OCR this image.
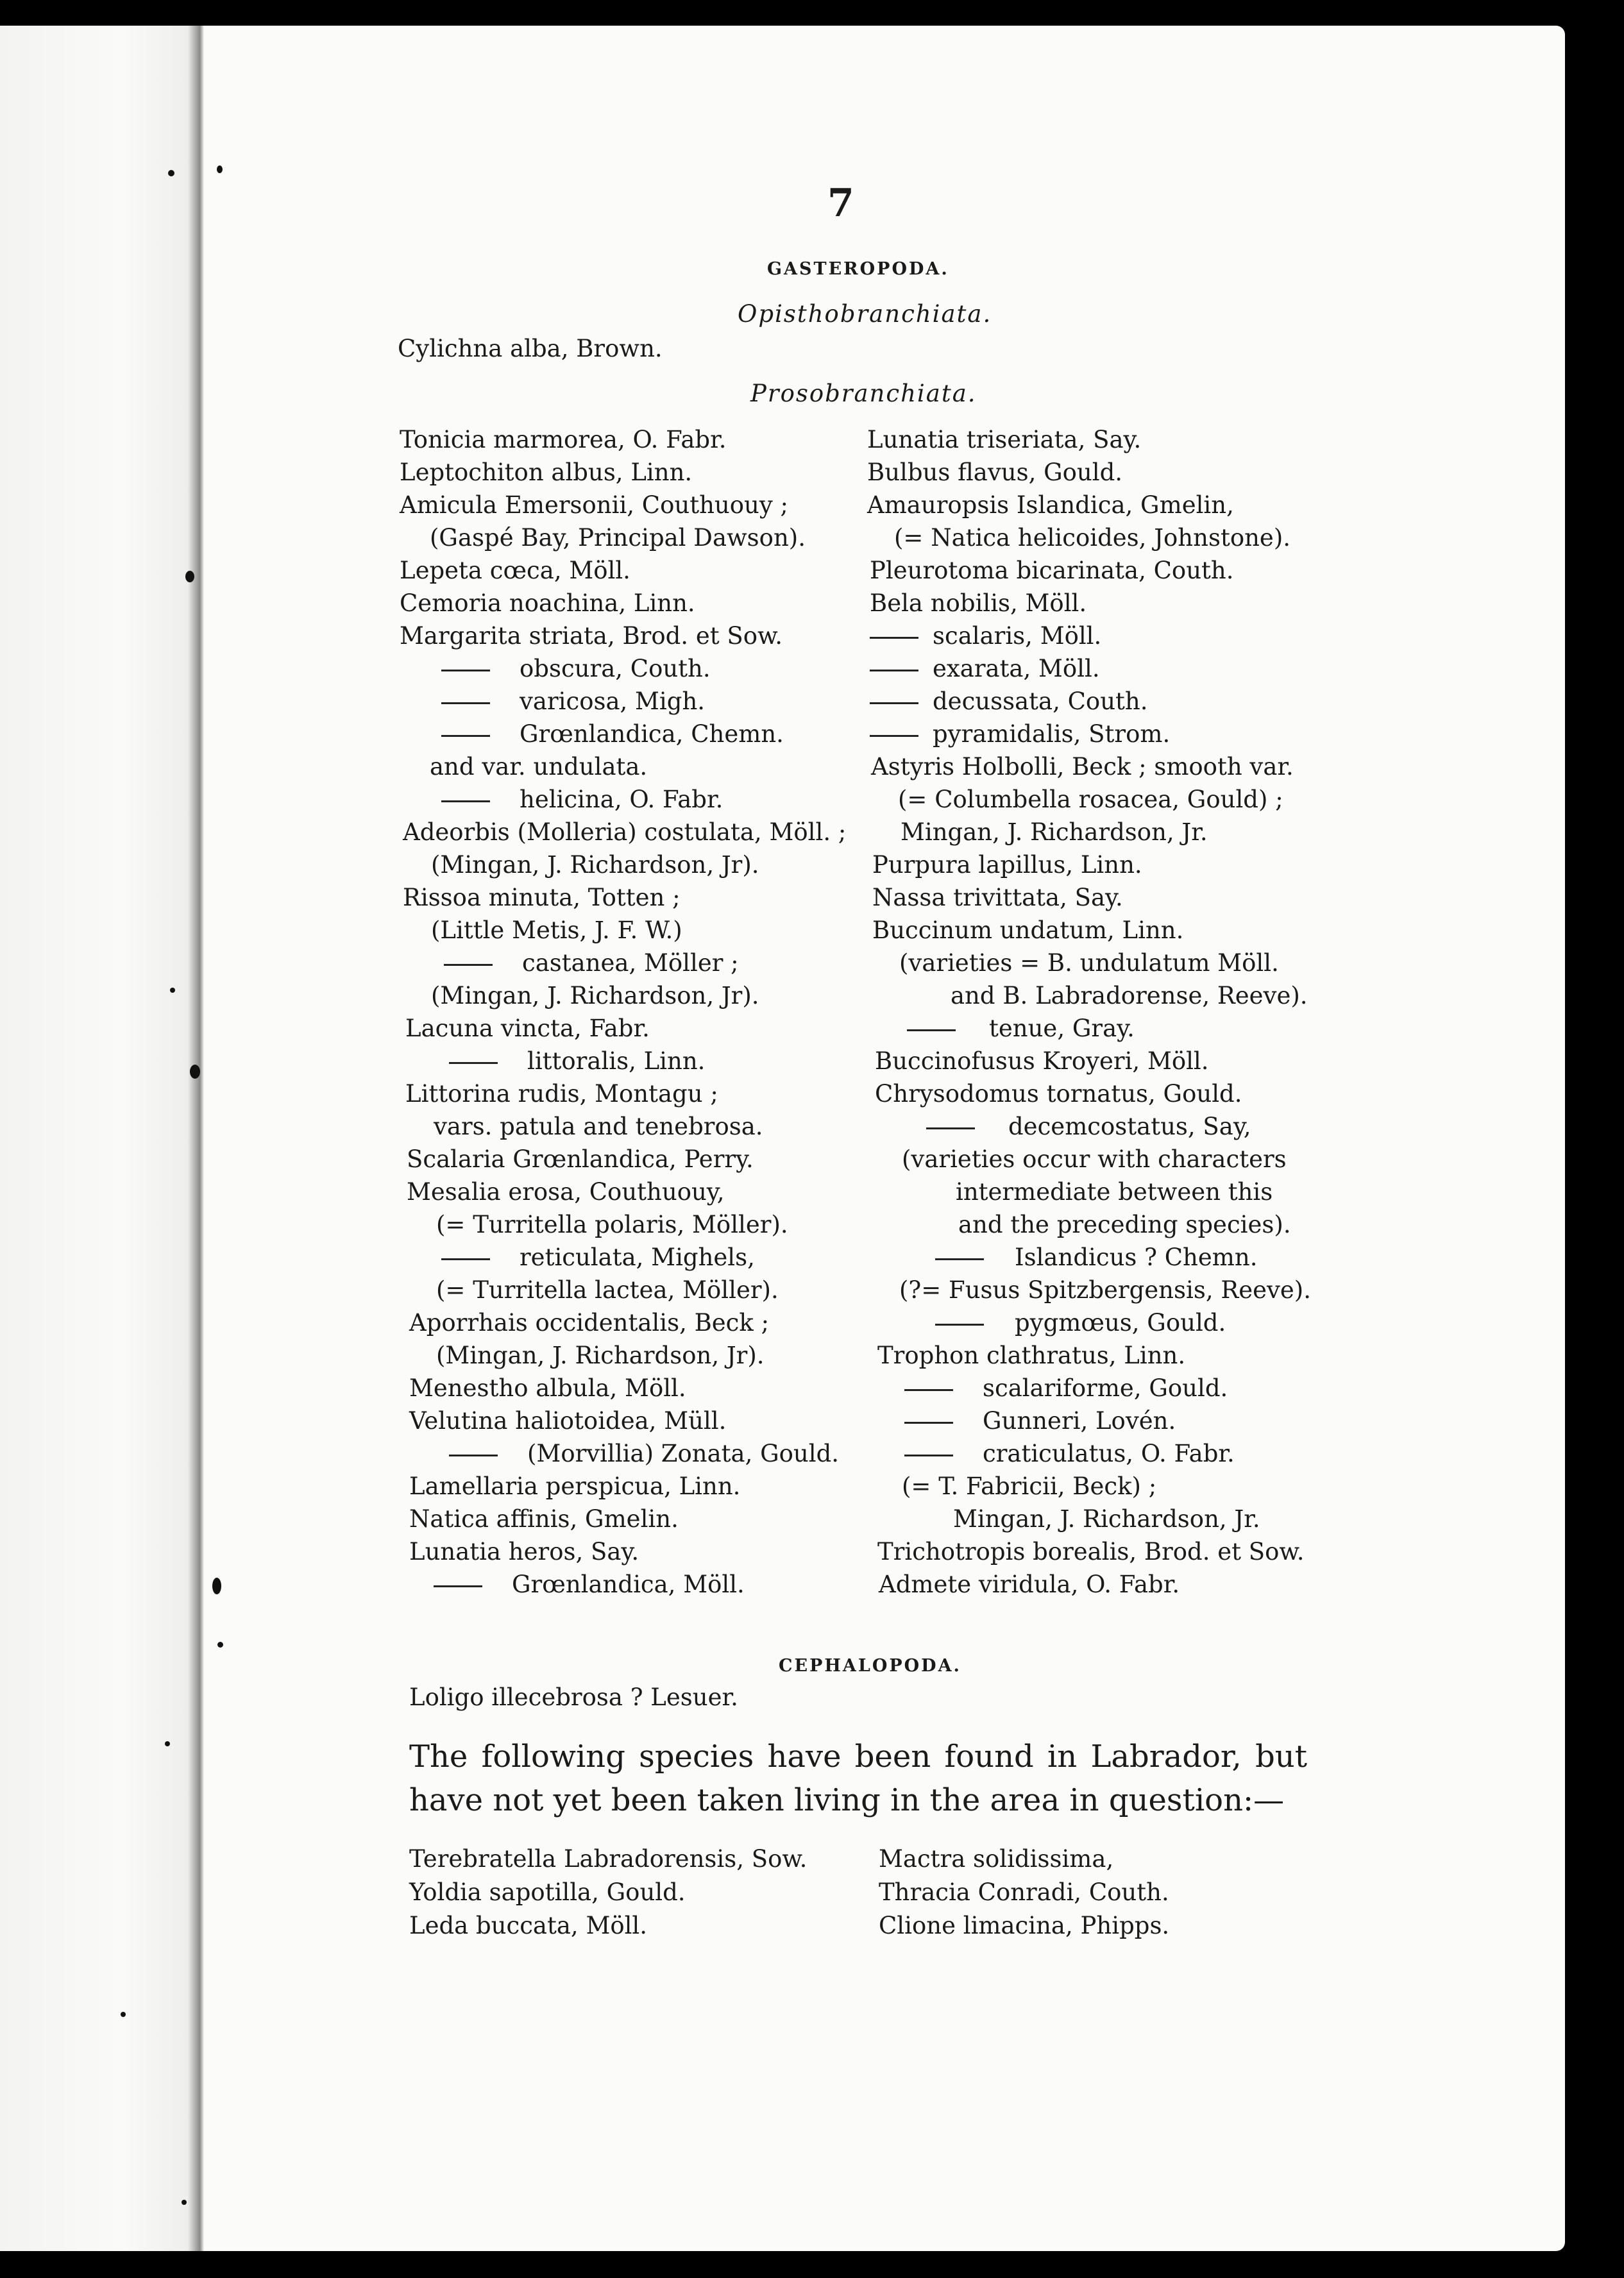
7
GASTEROPODA.
Opisthobranchiata.
Cylichna alba, Brown.
Prosobranchiata.
Tonicia marmorea, O. Fabr.
Leptochiton albus, Linn.
Amicula Emersonii, Couthuouy ;
(Gaspé Bay, Principal Dawson).
Lepeta cœca, Möll.
Cemoria noachina, Linn.
Margarita striata, Brod. et Sow.
obscura, Couth.
varicosa, Migh.
Grœnlandica, Chemn.
and var. undulata.
helicina, O. Fabr.
Adeorbis (Molleria) costulata, Möll. ;
(Mingan, J. Richardson, Jr).
Rissoa minuta, Totten ;
(Little Metis, J. F. W.)
castanea, Möller ;
(Mingan, J. Richardson, Jr).
Lacuna vincta, Fabr.
littoralis, Linn.
Littorina rudis, Montagu ;
vars. patula and tenebrosa.
Scalaria Grœnlandica, Perry.
Mesalia erosa, Couthuouy,
(= Turritella polaris, Möller).
reticulata, Mighels,
(= Turritella lactea, Möller).
Aporrhais occidentalis, Beck ;
(Mingan, J. Richardson, Jr).
Menestho albula, Möll.
Velutina haliotoidea, Müll.
(Morvillia) Zonata, Gould.
Lamellaria perspicua, Linn.
Natica affinis, Gmelin.
Lunatia heros, Say.
Grœnlandica, Möll.
Lunatia triseriata, Say.
Bulbus flavus, Gould.
Amauropsis Islandica, Gmelin,
(= Natica helicoides, Johnstone).
Pleurotoma bicarinata, Couth.
Bela nobilis, Möll.
scalaris, Möll.
exarata, Möll.
decussata, Couth.
pyramidalis, Strom.
Astyris Holbolli, Beck ; smooth var.
(= Columbella rosacea, Gould) ;
Mingan, J. Richardson, Jr.
Purpura lapillus, Linn.
Nassa trivittata, Say.
Buccinum undatum, Linn.
(varieties = B. undulatum Möll.
and B. Labradorense, Reeve).
tenue, Gray.
Buccinofusus Kroyeri, Möll.
Chrysodomus tornatus, Gould.
decemcostatus, Say,
(varieties occur with characters
intermediate between this
and the preceding species).
Islandicus ? Chemn.
(?= Fusus Spitzbergensis, Reeve).
pygmœus, Gould.
Trophon clathratus, Linn.
scalariforme, Gould.
Gunneri, Lovén.
craticulatus, O. Fabr.
(= T. Fabricii, Beck) ;
Mingan, J. Richardson, Jr.
Trichotropis borealis, Brod. et Sow.
Admete viridula, O. Fabr.
CEPHALOPODA.
Loligo illecebrosa ? Lesuer.
The following species have been found in Labrador, but have not yet been taken living in the area in question:—
Terebratella Labradorensis, Sow.
Yoldia sapotilla, Gould.
Leda buccata, Möll.
Mactra solidissima,
Thracia Conradi, Couth.
Clione limacina, Phipps.
